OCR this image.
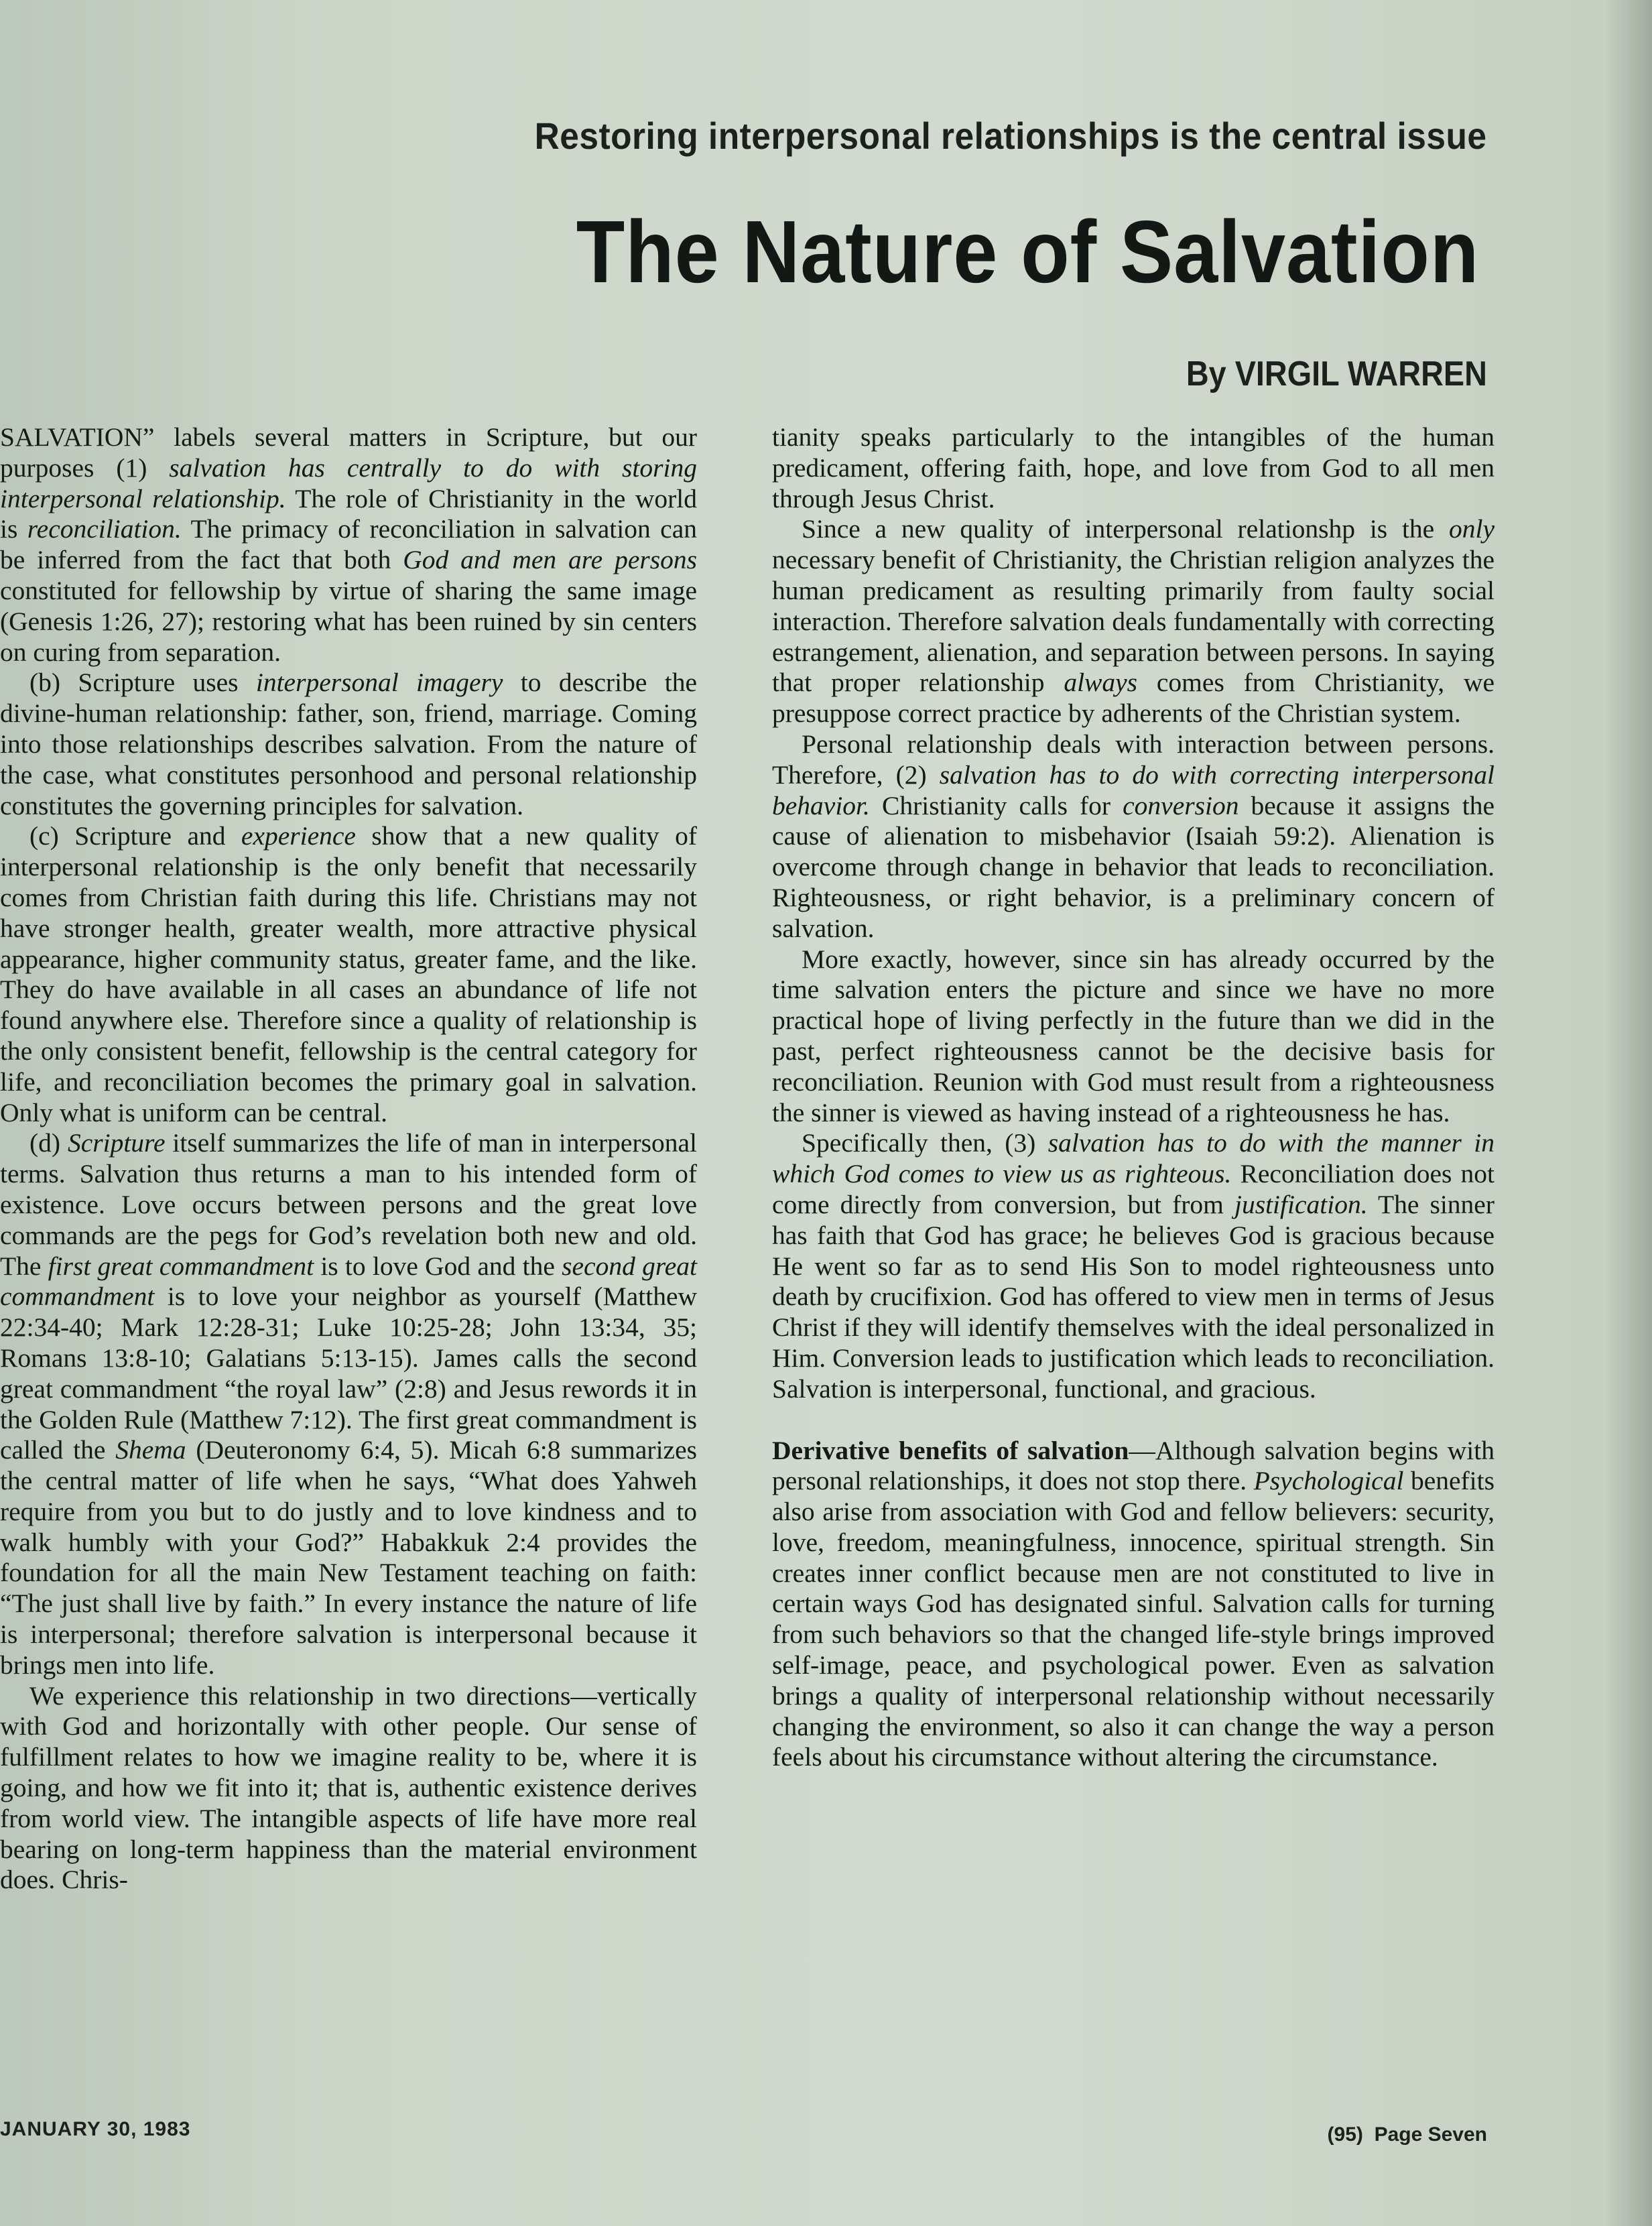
Restoring interpersonal relationships is the central issue
The Nature of Salvation
By VIRGIL WARREN

SALVATION” labels several matters in Scripture, but our purposes (1) salvation has centrally to do with storing interpersonal relationship. The role of Christianity in the world is reconciliation. The primacy of reconciliation in salvation can be inferred from the fact that both God and men are persons constituted for fellowship by virtue of sharing the same image (Genesis 1:26, 27); restoring what has been ruined by sin centers on curing from separation.

(b) Scripture uses interpersonal imagery to describe the divine-human relationship: father, son, friend, marriage. Coming into those relationships describes salvation. From the nature of the case, what constitutes personhood and personal relationship constitutes the governing principles for salvation.

(c) Scripture and experience show that a new quality of interpersonal relationship is the only benefit that necessarily comes from Christian faith during this life. Christians may not have stronger health, greater wealth, more attractive physical appearance, higher community status, greater fame, and the like. They do have available in all cases an abundance of life not found anywhere else. Therefore since a quality of relationship is the only consistent benefit, fellowship is the central category for life, and reconciliation becomes the primary goal in salvation. Only what is uniform can be central.

(d) Scripture itself summarizes the life of man in interpersonal terms. Salvation thus returns a man to his intended form of existence. Love occurs between persons and the great love commands are the pegs for God’s revelation both new and old. The first great commandment is to love God and the second great commandment is to love your neighbor as yourself (Matthew 22:34-40; Mark 12:28-31; Luke 10:25-28; John 13:34, 35; Romans 13:8-10; Galatians 5:13-15). James calls the second great commandment “the royal law” (2:8) and Jesus rewords it in the Golden Rule (Matthew 7:12). The first great commandment is called the Shema (Deuteronomy 6:4, 5). Micah 6:8 summarizes the central matter of life when he says, “What does Yahweh require from you but to do justly and to love kindness and to walk humbly with your God?” Habakkuk 2:4 provides the foundation for all the main New Testament teaching on faith: “The just shall live by faith.” In every instance the nature of life is interpersonal; therefore salvation is interpersonal because it brings men into life.

We experience this relationship in two directions—vertically with God and horizontally with other people. Our sense of fulfillment relates to how we imagine reality to be, where it is going, and how we fit into it; that is, authentic existence derives from world view. The intangible aspects of life have more real bearing on long-term happiness than the material environment does. Chris-

tianity speaks particularly to the intangibles of the human predicament, offering faith, hope, and love from God to all men through Jesus Christ.

Since a new quality of interpersonal relationshp is the only necessary benefit of Christianity, the Christian religion analyzes the human predicament as resulting primarily from faulty social interaction. Therefore salvation deals fundamentally with correcting estrangement, alienation, and separation between persons. In saying that proper relationship always comes from Christianity, we presuppose correct practice by adherents of the Christian system.

Personal relationship deals with interaction between persons. Therefore, (2) salvation has to do with correcting interpersonal behavior. Christianity calls for conversion because it assigns the cause of alienation to misbehavior (Isaiah 59:2). Alienation is overcome through change in behavior that leads to reconciliation. Righteousness, or right behavior, is a preliminary concern of salvation.

More exactly, however, since sin has already occurred by the time salvation enters the picture and since we have no more practical hope of living perfectly in the future than we did in the past, perfect righteousness cannot be the decisive basis for reconciliation. Reunion with God must result from a righteousness the sinner is viewed as having instead of a righteousness he has.

Specifically then, (3) salvation has to do with the manner in which God comes to view us as righteous. Reconciliation does not come directly from conversion, but from justification. The sinner has faith that God has grace; he believes God is gracious because He went so far as to send His Son to model righteousness unto death by crucifixion. God has offered to view men in terms of Jesus Christ if they will identify themselves with the ideal personalized in Him. Conversion leads to justification which leads to reconciliation. Salvation is interpersonal, functional, and gracious.

Derivative benefits of salvation—Although salvation begins with personal relationships, it does not stop there. Psychological benefits also arise from association with God and fellow believers: security, love, freedom, meaningfulness, innocence, spiritual strength. Sin creates inner conflict because men are not constituted to live in certain ways God has designated sinful. Salvation calls for turning from such behaviors so that the changed life-style brings improved self-image, peace, and psychological power. Even as salvation brings a quality of interpersonal relationship without necessarily changing the environment, so also it can change the way a person feels about his circumstance without altering the circumstance.

JANUARY 30, 1983	(95)  Page Seven
